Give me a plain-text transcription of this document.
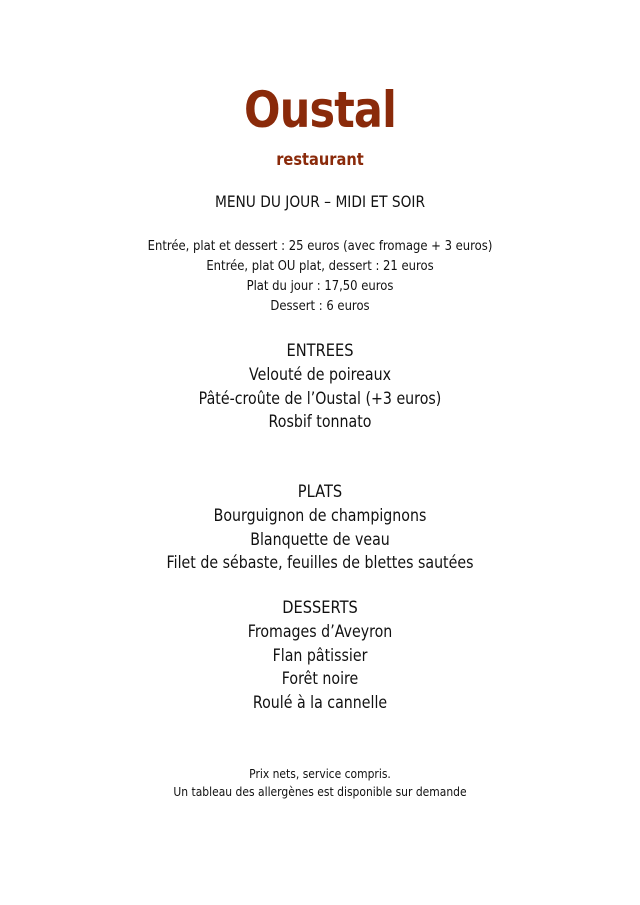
Oustal
restaurant
MENU DU JOUR – MIDI ET SOIR
Entrée, plat et dessert : 25 euros (avec fromage + 3 euros)
Entrée, plat OU plat, dessert : 21 euros
Plat du jour : 17,50 euros
Dessert : 6 euros
ENTREES
Velouté de poireaux
Pâté-croûte de l’Oustal (+3 euros)
Rosbif tonnato
PLATS
Bourguignon de champignons
Blanquette de veau
Filet de sébaste, feuilles de blettes sautées
DESSERTS
Fromages d’Aveyron
Flan pâtissier
Forêt noire
Roulé à la cannelle
Prix nets, service compris.
Un tableau des allergènes est disponible sur demande
